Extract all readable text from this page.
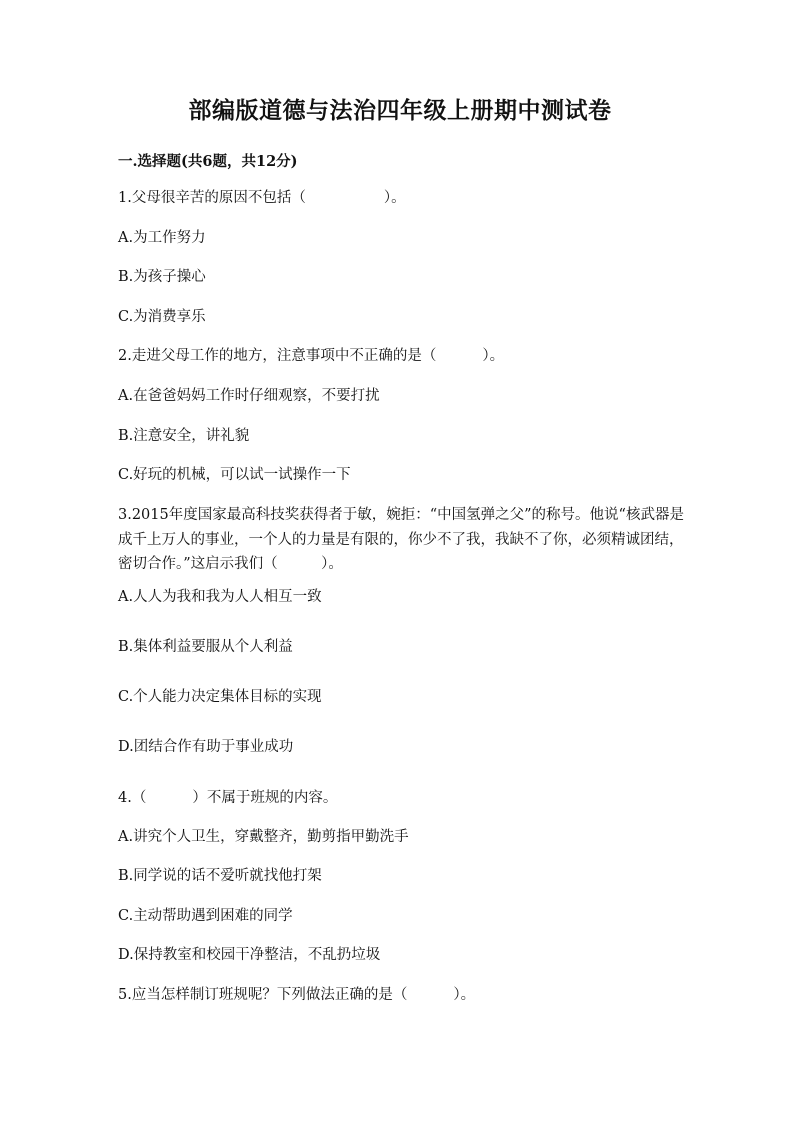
部编版道德与法治四年级上册期中测试卷
一.选择题(共6题，共12分)
1.父母很辛苦的原因不包括（	）。
A.为工作努力
B.为孩子操心
C.为消费享乐
2.走进父母工作的地方，注意事项中不正确的是（	）。
A.在爸爸妈妈工作时仔细观察，不要打扰
B.注意安全，讲礼貌
C.好玩的机械，可以试一试操作一下
3.2015年度国家最高科技奖获得者于敏，婉拒：“中国氢弹之父”的称号。他说“核武器是成千上万人的事业，一个人的力量是有限的，你少不了我，我缺不了你，必须精诚团结，密切合作。”这启示我们（　　　）。
A.人人为我和我为人人相互一致
B.集体利益要服从个人利益
C.个人能力决定集体目标的实现
D.团结合作有助于事业成功
4.（	）不属于班规的内容。
A.讲究个人卫生，穿戴整齐，勤剪指甲勤洗手
B.同学说的话不爱听就找他打架
C.主动帮助遇到困难的同学
D.保持教室和校园干净整洁，不乱扔垃圾
5.应当怎样制订班规呢？下列做法正确的是（	）。
